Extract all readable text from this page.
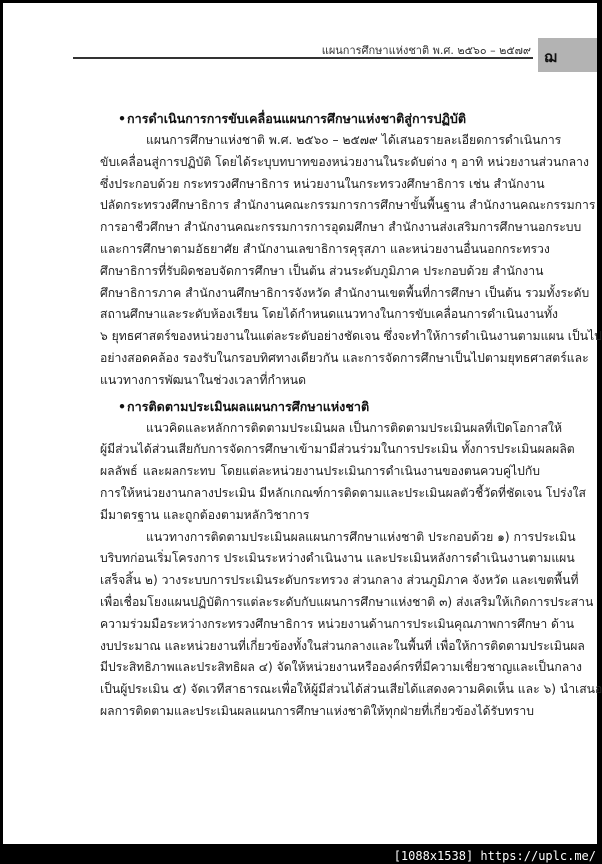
แผนการศึกษาแห่งชาติ พ.ศ. ๒๕๖๐ – ๒๕๗๙ ฌ
•การดำเนินการการขับเคลื่อนแผนการศึกษาแห่งชาติสู่การปฏิบัติ
แผนการศึกษาแห่งชาติ พ.ศ. ๒๕๖๐ – ๒๕๗๙ ได้เสนอรายละเอียดการดำเนินการ
ขับเคลื่อนสู่การปฏิบัติ โดยได้ระบุบทบาทของหน่วยงานในระดับต่าง ๆ อาทิ หน่วยงานส่วนกลาง
ซึ่งประกอบด้วย กระทรวงศึกษาธิการ หน่วยงานในกระทรวงศึกษาธิการ เช่น สำนักงาน
ปลัดกระทรวงศึกษาธิการ สำนักงานคณะกรรมการการศึกษาขั้นพื้นฐาน สำนักงานคณะกรรมการ
การอาชีวศึกษา สำนักงานคณะกรรมการการอุดมศึกษา สำนักงานส่งเสริมการศึกษานอกระบบ
และการศึกษาตามอัธยาศัย สำนักงานเลขาธิการคุรุสภา และหน่วยงานอื่นนอกกระทรวง
ศึกษาธิการที่รับผิดชอบจัดการศึกษา เป็นต้น ส่วนระดับภูมิภาค ประกอบด้วย สำนักงาน
ศึกษาธิการภาค สำนักงานศึกษาธิการจังหวัด สำนักงานเขตพื้นที่การศึกษา เป็นต้น รวมทั้งระดับ
สถานศึกษาและระดับห้องเรียน โดยได้กำหนดแนวทางในการขับเคลื่อนการดำเนินงานทั้ง
๖ ยุทธศาสตร์ของหน่วยงานในแต่ละระดับอย่างชัดเจน ซึ่งจะทำให้การดำเนินงานตามแผน เป็นไป
อย่างสอดคล้อง รองรับในกรอบทิศทางเดียวกัน และการจัดการศึกษาเป็นไปตามยุทธศาสตร์และ
แนวทางการพัฒนาในช่วงเวลาที่กำหนด
•การติดตามประเมินผลแผนการศึกษาแห่งชาติ
แนวคิดและหลักการติดตามประเมินผล เป็นการติดตามประเมินผลที่เปิดโอกาสให้
ผู้มีส่วนได้ส่วนเสียกับการจัดการศึกษาเข้ามามีส่วนร่วมในการประเมิน ทั้งการประเมินผลผลิต
ผลลัพธ์ และผลกระทบ โดยแต่ละหน่วยงานประเมินการดำเนินงานของตนควบคู่ไปกับ
การให้หน่วยงานกลางประเมิน มีหลักเกณฑ์การติดตามและประเมินผลตัวชี้วัดที่ชัดเจน โปร่งใส
มีมาตรฐาน และถูกต้องตามหลักวิชาการ
แนวทางการติดตามประเมินผลแผนการศึกษาแห่งชาติ ประกอบด้วย ๑) การประเมิน
บริบทก่อนเริ่มโครงการ ประเมินระหว่างดำเนินงาน และประเมินหลังการดำเนินงานตามแผน
เสร็จสิ้น ๒) วางระบบการประเมินระดับกระทรวง ส่วนกลาง ส่วนภูมิภาค จังหวัด และเขตพื้นที่
เพื่อเชื่อมโยงแผนปฏิบัติการแต่ละระดับกับแผนการศึกษาแห่งชาติ ๓) ส่งเสริมให้เกิดการประสาน
ความร่วมมือระหว่างกระทรวงศึกษาธิการ หน่วยงานด้านการประเมินคุณภาพการศึกษา ด้าน
งบประมาณ และหน่วยงานที่เกี่ยวข้องทั้งในส่วนกลางและในพื้นที่ เพื่อให้การติดตามประเมินผล
มีประสิทธิภาพและประสิทธิผล ๔) จัดให้หน่วยงานหรือองค์กรที่มีความเชี่ยวชาญและเป็นกลาง
เป็นผู้ประเมิน ๕) จัดเวทีสาธารณะเพื่อให้ผู้มีส่วนได้ส่วนเสียได้แสดงความคิดเห็น และ ๖) นำเสนอ
ผลการติดตามและประเมินผลแผนการศึกษาแห่งชาติให้ทุกฝ่ายที่เกี่ยวข้องได้รับทราบ
[1088x1538] https://uplc.me/
